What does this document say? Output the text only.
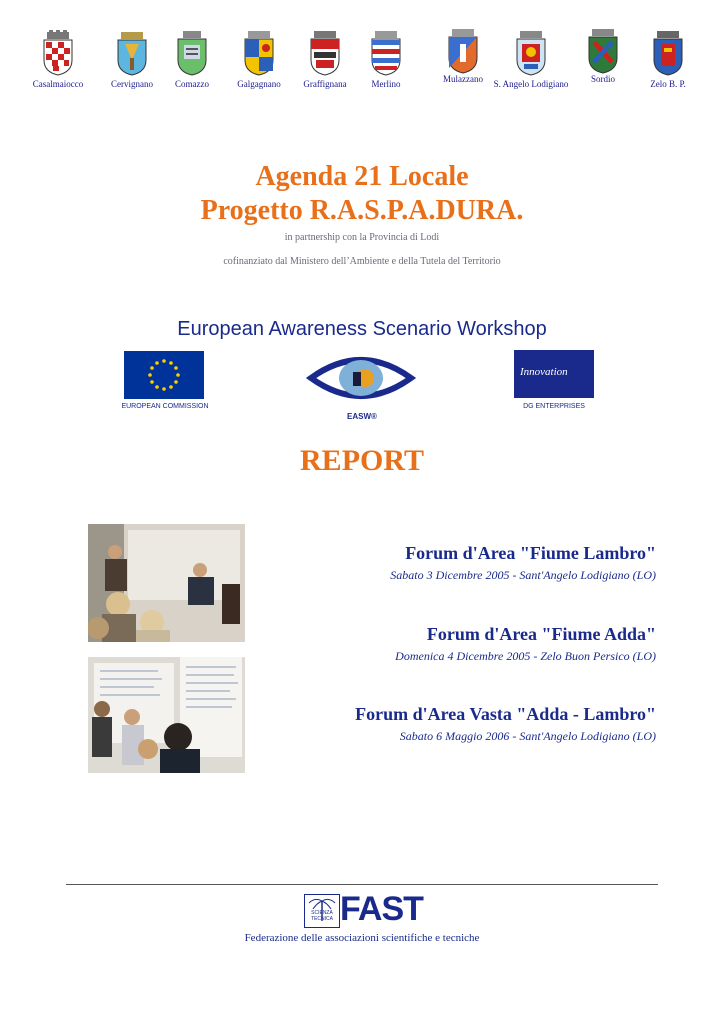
Casalmaiocco	Cervignano	Comazzo	Galgagnano	Graffignana	Merlino	Mulazzano	S. Angelo Lodigiano	Sordio	Zelo B. P.
Agenda 21 Locale
Progetto R.A.S.P.A.DURA.
in partnership con la Provincia di Lodi
cofinanziato dal Ministero dell’Ambiente e della Tutela del Territorio
European Awareness Scenario Workshop
EUROPEAN COMMISSION
EASW®
Innovation
DG ENTERPRISES
REPORT
Forum d'Area "Fiume Lambro"
Sabato 3 Dicembre 2005 - Sant'Angelo Lodigiano (LO)
Forum d'Area "Fiume Adda"
Domenica 4 Dicembre 2005 - Zelo Buon Persico (LO)
Forum d'Area Vasta "Adda - Lambro"
Sabato 6 Maggio 2006 - Sant'Angelo Lodigiano (LO)
SCIENZA TECNICA FAST
Federazione delle associazioni scientifiche e tecniche
